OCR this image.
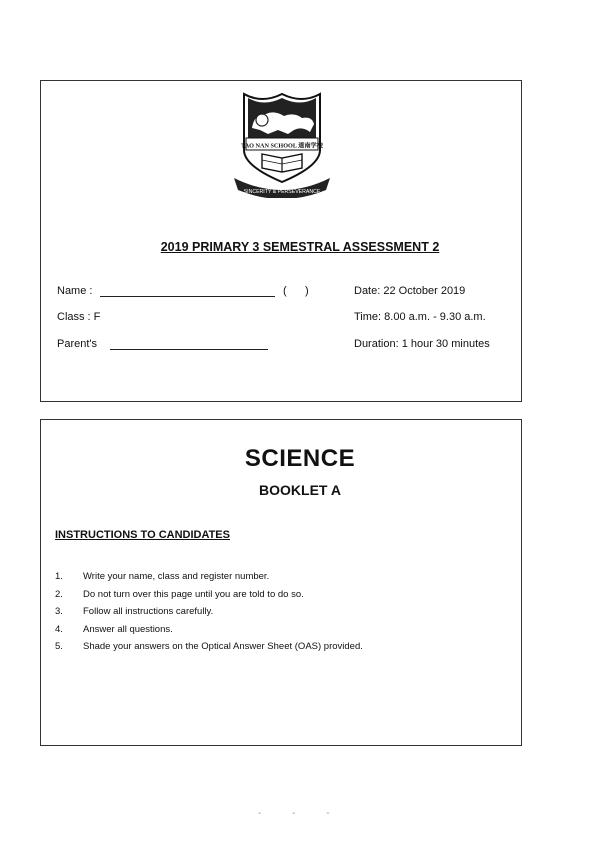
TAO NAN SCHOOL 道南学校
SINCERITY & PERSEVERANCE
2019 PRIMARY 3 SEMESTRAL ASSESSMENT 2
Name :	(      )	Date: 22 October 2019
Class : F	Time: 8.00 a.m. - 9.30 a.m.
Parent's	Duration: 1 hour 30 minutes
SCIENCE
BOOKLET A
INSTRUCTIONS TO CANDIDATES
1.	Write your name, class and register number.
2.	Do not turn over this page until you are told to do so.
3.	Follow all instructions carefully.
4.	Answer all questions.
5.	Shade your answers on the Optical Answer Sheet (OAS) provided.
- - -
